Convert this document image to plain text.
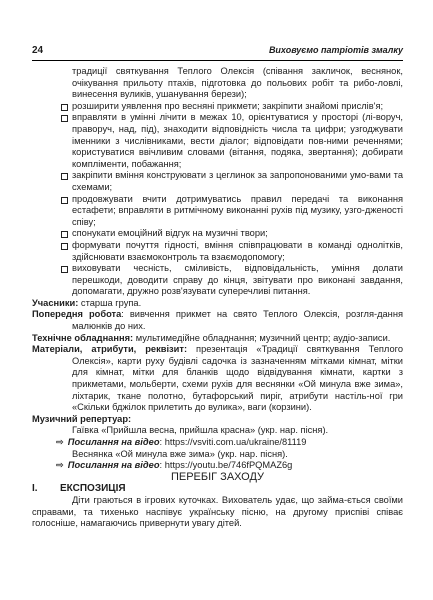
24	Виховуємо патріотів змалку

традиції святкування Теплого Олексія (співання закличок, веснянок, очікування прильоту птахів, підготовка до польових робіт та рибо-ловлі, винесення вуликів, ушанування берези);

розширити уявлення про весняні прикмети; закріпити знайомі прислів'я;
вправляти в умінні лічити в межах 10, орієнтуватися у просторі (лі-воруч, праворуч, над, під), знаходити відповідність числа та цифри; узгоджувати іменники з числівниками, вести діалог; відповідати пов-ними реченнями; користуватися ввічливим словами (вітання, подяка, звертання); добирати компліменти, побажання;
закріпити вміння конструювати з цеглинок за запропонованими умо-вами та схемами;
продовжувати вчити дотримуватись правил передачі та виконання естафети; вправляти в ритмічному виконанні рухів під музику, узго-дженості співу;
спонукати емоційний відгук на музичні твори;
формувати почуття гідності, вміння співпрацювати в команді однолітків, здійснювати взаємоконтроль та взаємодопомогу;
виховувати чесність, сміливість, відповідальність, уміння долати перешкоди, доводити справу до кінця, звітувати про виконані завдання, допомагати, дружно розв'язувати суперечливі питання.

Учасники: старша група.

Попередня робота: вивчення прикмет на свято Теплого Олексія, розгля-дання малюнків до них.

Технічне обладнання: мультимедійне обладнання; музичний центр; аудіо-записи.

Матеріали, атрибути, реквізит: презентація «Традиції святкування Теплого Олексія», карти руху будівлі садочка із зазначенням мітками кімнат, мітки для кімнат, мітки для бланків щодо відвідування кімнати, картки з прикметами, мольберти, схеми рухів для веснянки «Ой минула вже зима», ліхтарик, ткане полотно, бутафорський пиріг, атрибути настіль-ної гри «Скільки бджілок прилетить до вулика», ваги (корзини).

Музичний репертуар:

Гаївка «Прийшла весна, прийшла красна» (укр. нар. пісня).

⇨ Посилання на відео: https://vsviti.com.ua/ukraine/81119

Веснянка «Ой минула вже зима» (укр. нар. пісня).

⇨ Посилання на відео: https://youtu.be/746fPQMAZ6g

ПЕРЕБІГ ЗАХОДУ

I. ЕКСПОЗИЦІЯ

Діти граються в ігрових куточках. Вихователь удає, що займа-ється своїми справами, та тихенько наспівує українську пісню, на другому приспіві співає голосніше, намагаючись привернути увагу дітей.
